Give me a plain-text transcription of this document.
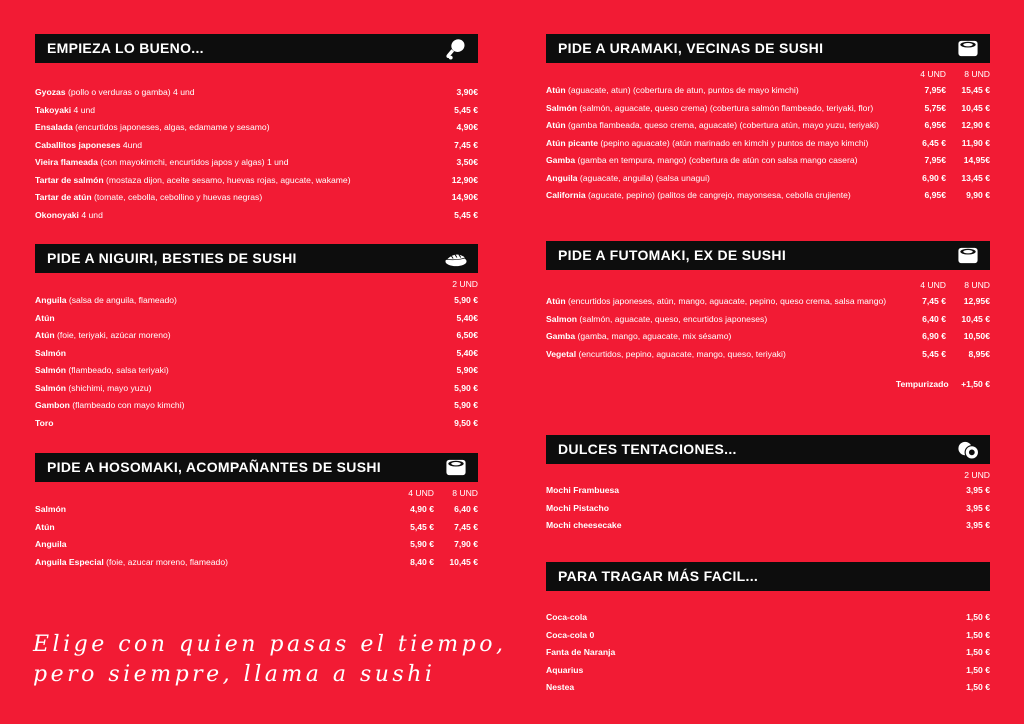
EMPIEZA LO BUENO...
Gyozas (pollo o verduras o gamba) 4 und	3,90€
Takoyaki 4 und	5,45 €
Ensalada (encurtidos japoneses, algas, edamame y sesamo)	4,90€
Caballitos japoneses 4und	7,45 €
Vieira flameada (con mayokimchi, encurtidos japos y algas) 1 und	3,50€
Tartar de salmón (mostaza dijon, aceite sesamo, huevas rojas, agucate, wakame)	12,90€
Tartar de atún (tomate, cebolla, cebollino y huevas negras)	14,90€
Okonoyaki 4 und	5,45 €
PIDE A NIGUIRI, BESTIES DE SUSHI
2 UND
Anguila (salsa de anguila, flameado)	5,90 €
Atún	5,40€
Atún (foie, teriyaki, azúcar moreno)	6,50€
Salmón	5,40€
Salmón (flambeado, salsa teriyaki)	5,90€
Salmón (shichimi, mayo yuzu)	5,90 €
Gambon (flambeado con mayo kimchi)	5,90 €
Toro	9,50 €
PIDE A HOSOMAKI, ACOMPAÑANTES DE SUSHI
4 UND 8 UND
Salmón	4,90 € 6,40 €
Atún	5,45 € 7,45 €
Anguila	5,90 € 7,90 €
Anguila Especial (foie, azucar moreno, flameado)	8,40 € 10,45 €
PIDE A URAMAKI, VECINAS DE SUSHI
4 UND 8 UND
Atún (aguacate, atun) (cobertura de atun, puntos de mayo kimchi)	7,95€ 15,45 €
Salmón (salmón, aguacate, queso crema) (cobertura salmón flambeado, teriyaki, flor)	5,75€ 10,45 €
Atún (gamba flambeada, queso crema, aguacate) (cobertura atún, mayo yuzu, teriyaki)	6,95€ 12,90 €
Atún picante (pepino aguacate) (atún marinado en kimchi y puntos de mayo kimchi)	6,45 € 11,90 €
Gamba (gamba en tempura, mango) (cobertura de atún con salsa mango casera)	7,95€ 14,95€
Anguila (aguacate, anguila) (salsa unagui)	6,90 € 13,45 €
California (agucate, pepino) (palitos de cangrejo, mayonsesa, cebolla crujiente)	6,95€ 9,90 €
PIDE A FUTOMAKI, EX DE SUSHI
4 UND 8 UND
Atún (encurtidos japoneses, atún, mango, aguacate, pepino, queso crema, salsa mango)	7,45 € 12,95€
Salmon (salmón, aguacate, queso, encurtidos japoneses)	6,40 € 10,45 €
Gamba (gamba, mango, aguacate, mix sésamo)	6,90 € 10,50€
Vegetal (encurtidos, pepino, aguacate, mango, queso, teriyaki)	5,45 €	8,95€
Tempurizado +1,50 €
DULCES TENTACIONES...
2 UND
Mochi Frambuesa	3,95 €
Mochi Pistacho	3,95 €
Mochi cheesecake	3,95 €
PARA TRAGAR MÁS FACIL...
Coca-cola	1,50 €
Coca-cola 0	1,50 €
Fanta de Naranja	1,50 €
Aquarius	1,50 €
Nestea	1,50 €
Elige con quien pasas el tiempo,
pero siempre, llama a sushi
